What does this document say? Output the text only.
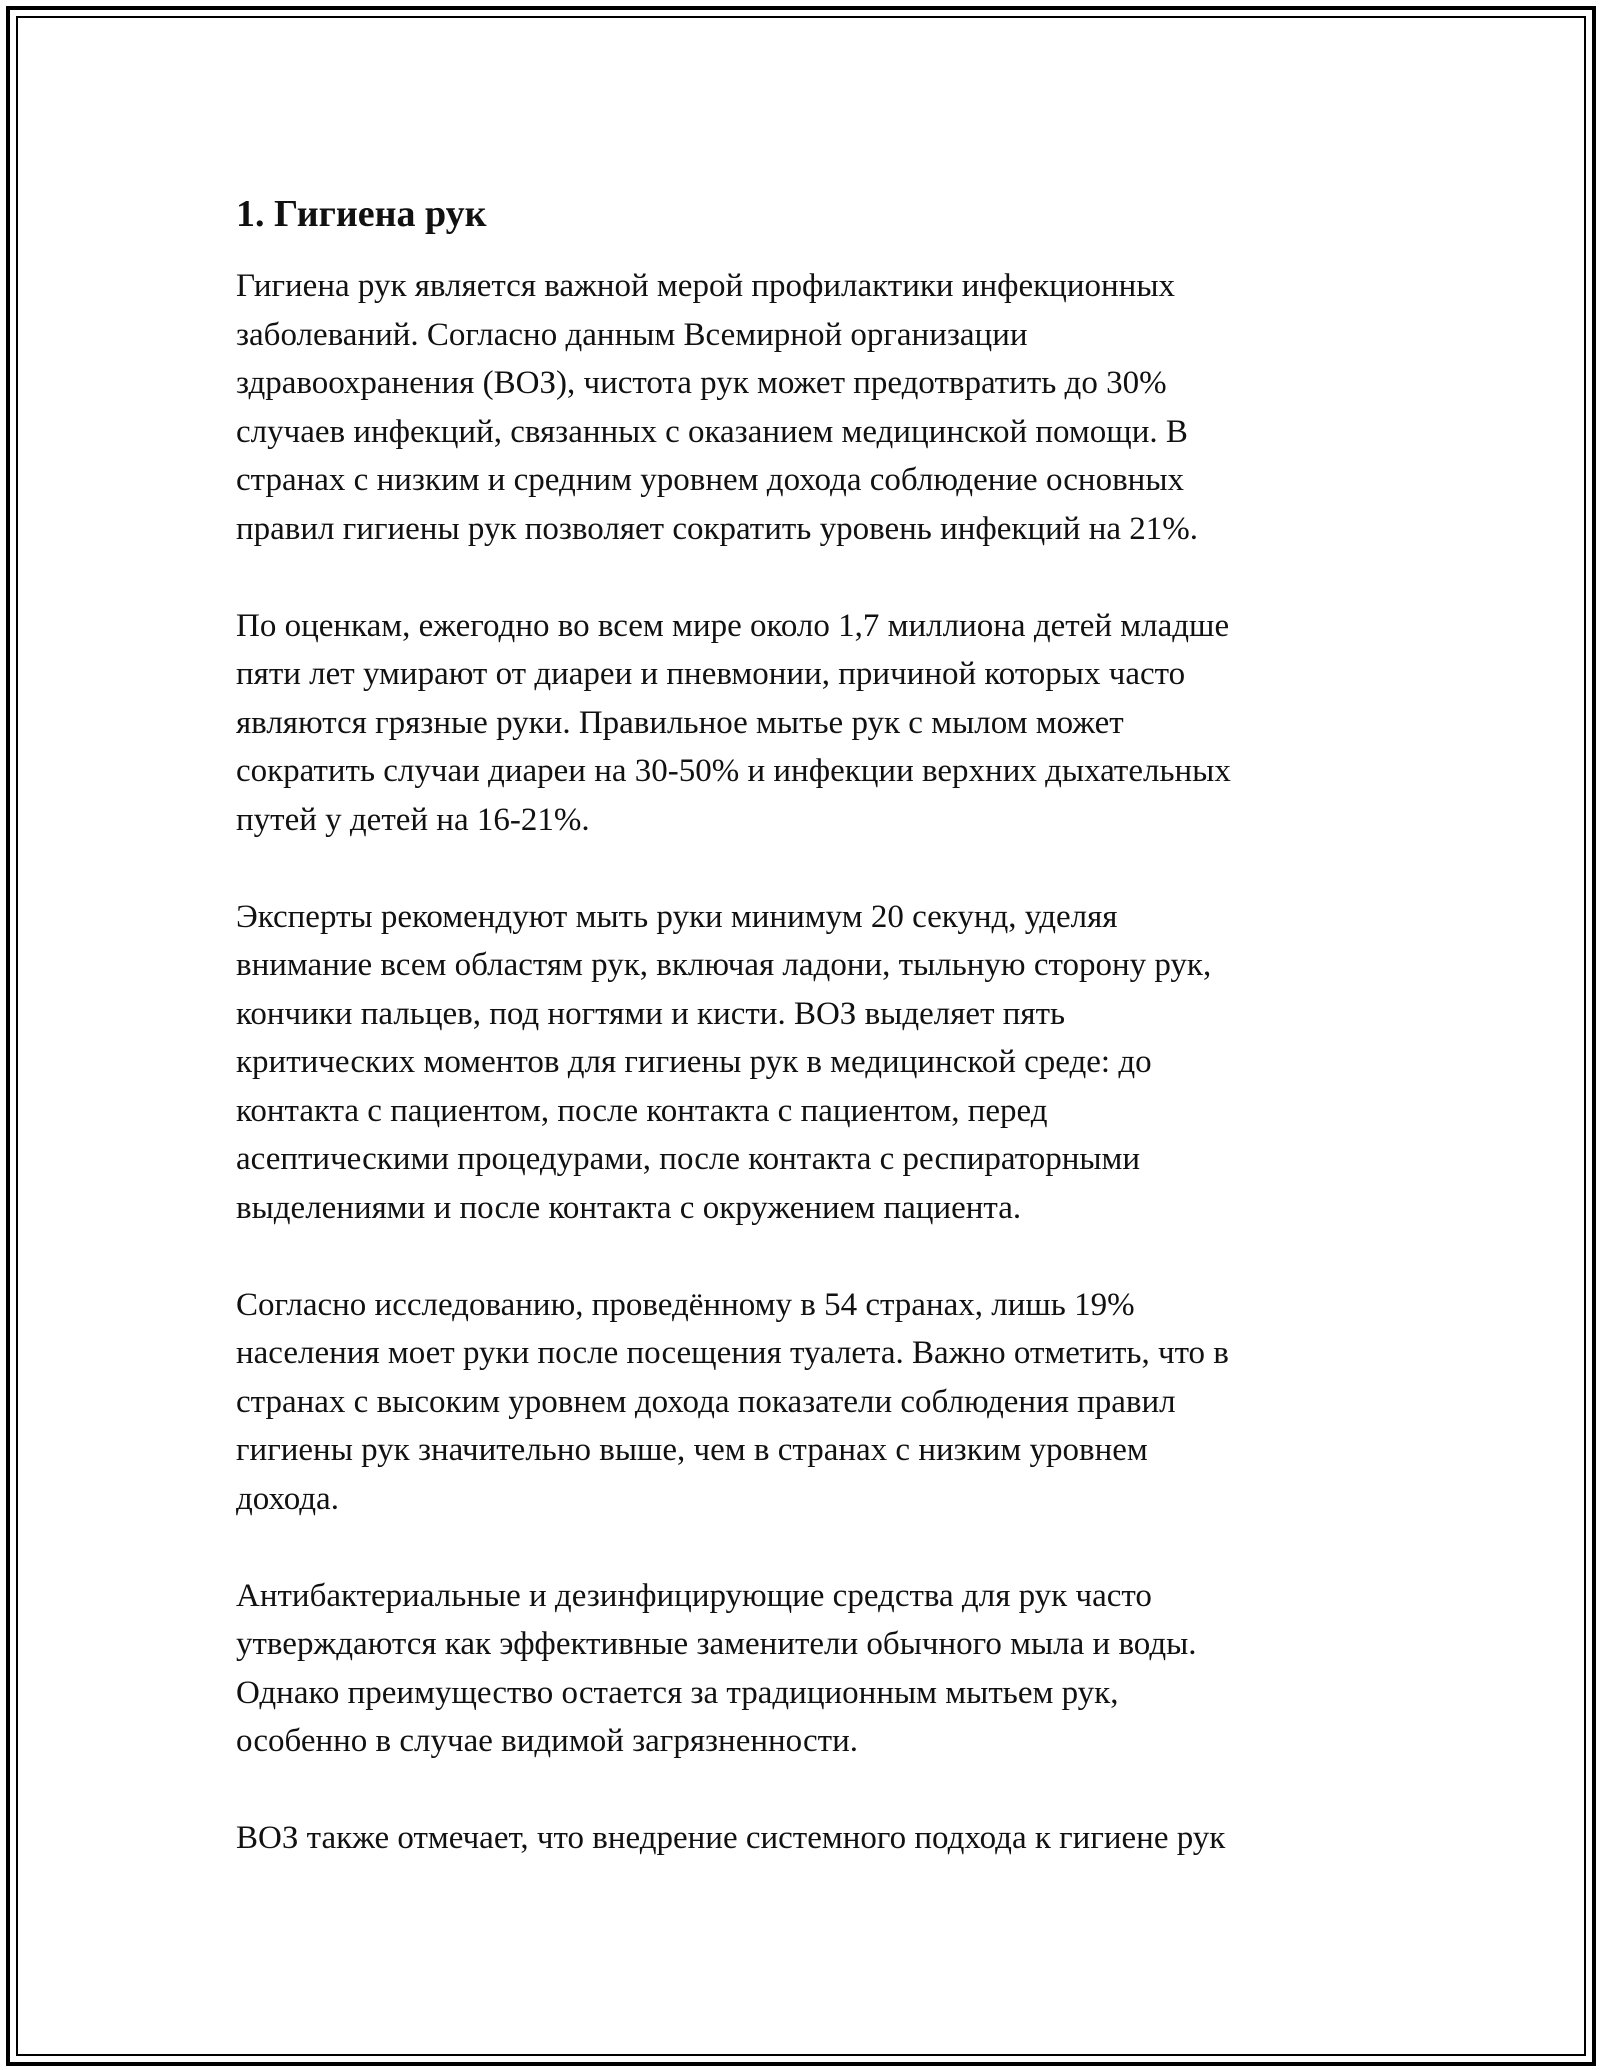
1. Гигиена рук
Гигиена рук является важной мерой профилактики инфекционных
заболеваний. Согласно данным Всемирной организации
здравоохранения (ВОЗ), чистота рук может предотвратить до 30%
случаев инфекций, связанных с оказанием медицинской помощи. В
странах с низким и средним уровнем дохода соблюдение основных
правил гигиены рук позволяет сократить уровень инфекций на 21%.
По оценкам, ежегодно во всем мире около 1,7 миллиона детей младше
пяти лет умирают от диареи и пневмонии, причиной которых часто
являются грязные руки. Правильное мытье рук с мылом может
сократить случаи диареи на 30-50% и инфекции верхних дыхательных
путей у детей на 16-21%.
Эксперты рекомендуют мыть руки минимум 20 секунд, уделяя
внимание всем областям рук, включая ладони, тыльную сторону рук,
кончики пальцев, под ногтями и кисти. ВОЗ выделяет пять
критических моментов для гигиены рук в медицинской среде: до
контакта с пациентом, после контакта с пациентом, перед
асептическими процедурами, после контакта с респираторными
выделениями и после контакта с окружением пациента.
Согласно исследованию, проведённому в 54 странах, лишь 19%
населения моет руки после посещения туалета. Важно отметить, что в
странах с высоким уровнем дохода показатели соблюдения правил
гигиены рук значительно выше, чем в странах с низким уровнем
дохода.
Антибактериальные и дезинфицирующие средства для рук часто
утверждаются как эффективные заменители обычного мыла и воды.
Однако преимущество остается за традиционным мытьем рук,
особенно в случае видимой загрязненности.
ВОЗ также отмечает, что внедрение системного подхода к гигиене рук
